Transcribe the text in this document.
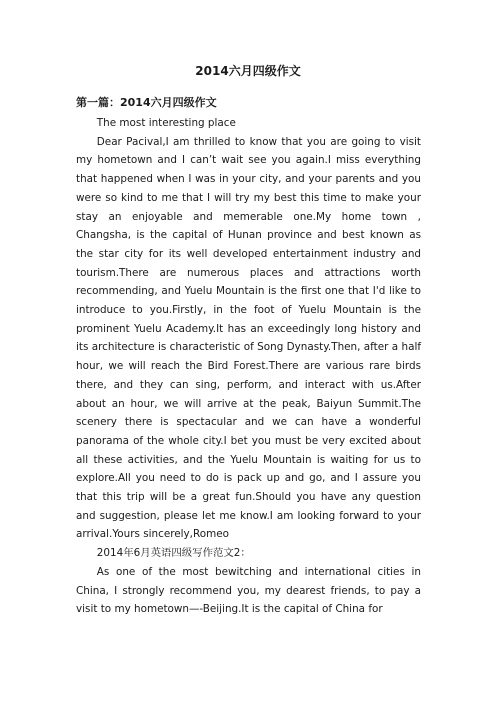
2014六月四级作文
第一篇：2014六月四级作文

The most interesting place

Dear Pacival,I am thrilled to know that you are going to visit my hometown and I can’t wait see you again.I miss everything that happened when I was in your city, and your parents and you were so kind to me that I will try my best this time to make your stay an enjoyable and memerable one.My home town , Changsha, is the capital of Hunan province and best known as the star city for its well developed entertainment industry and tourism.There are numerous places and attractions worth recommending, and Yuelu Mountain is the first one that I'd like to introduce to you.Firstly, in the foot of Yuelu Mountain is the prominent Yuelu Academy.It has an exceedingly long history and its architecture is characteristic of Song Dynasty.Then, after a half hour, we will reach the Bird Forest.There are various rare birds there, and they can sing, perform, and interact with us.After about an hour, we will arrive at the peak, Baiyun Summit.The scenery there is spectacular and we can have a wonderful panorama of the whole city.I bet you must be very excited about all these activities, and the Yuelu Mountain is waiting for us to explore.All you need to do is pack up and go, and I assure you that this trip will be a great fun.Should you have any question and suggestion, please let me know.I am looking forward to your arrival.Yours sincerely,Romeo

2014年6月英语四级写作范文2：

As one of the most bewitching and international cities in China, I strongly recommend you, my dearest friends, to pay a visit to my hometown—-Beijing.It is the capital of China for
